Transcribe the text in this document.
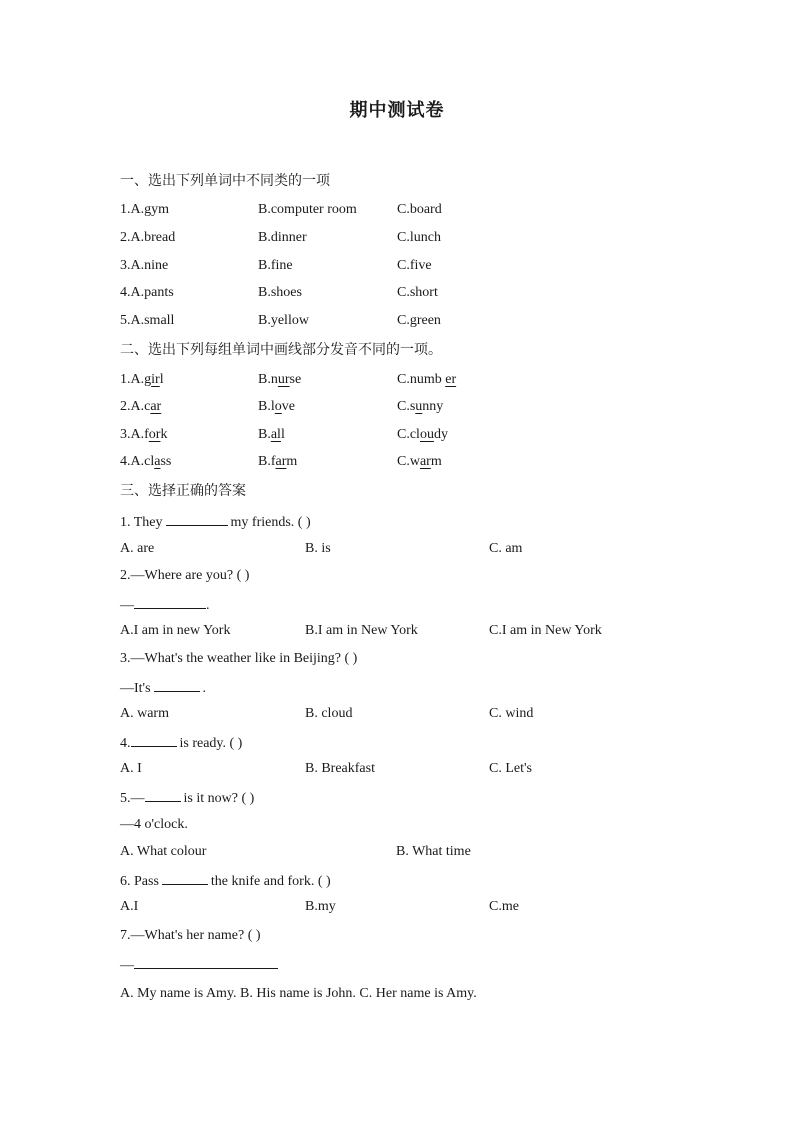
期中测试卷
一、选出下列单词中不同类的一项
1.A.gym	B.computer room	C.board
2.A.bread	B.dinner	C.lunch
3.A.nine	B.fine	C.five
4.A.pants	B.shoes	C.short
5.A.small	B.yellow	C.green
二、选出下列每组单词中画线部分发音不同的一项。
1.A.girl	B.nurse	C.numb er
2.A.car	B.love	C.sunny
3.A.fork	B.all	C.cloudy
4.A.class	B.farm	C.warm
三、选择正确的答案
1. They	my friends. ( )
A. are	B. is	C. am
2.—Where are you? ( )
—	.
A.I am in new York	B.I am in New York	C.I am in New York
3.—What's the weather like in Beijing? ( )
—It's	.
A. warm	B. cloud	C. wind
4.	is ready. ( )
A. I	B. Breakfast	C. Let's
5.—	is it now? ( )
—4 o'clock.
A. What colour	B. What time
6. Pass	the knife and fork. ( )
A.I	B.my	C.me
7.—What's her name? ( )
—
A. My name is Amy. B. His name is John. C. Her name is Amy.
